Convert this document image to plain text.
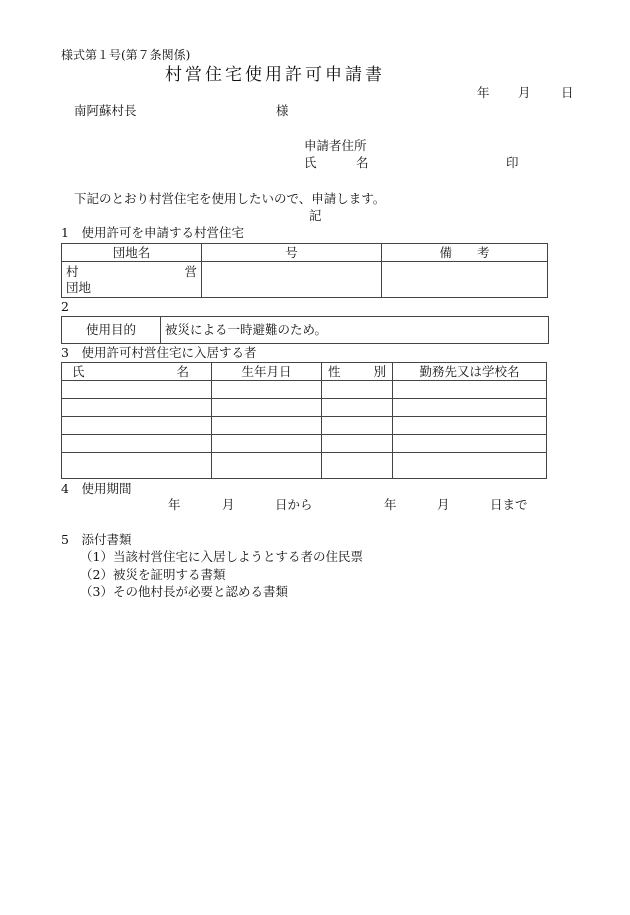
様式第１号(第７条関係)
村営住宅使用許可申請書
年 月 日
南阿蘇村長	様
申請者住所
氏	名	印
下記のとおり村営住宅を使用したいので、申請します。
記
1　使用許可を申請する村営住宅
団地名	号	備　　考

村 営
団地		

2
使用目的	被災による一時避難のため。
3　使用許可村営住宅に入居する者
氏 名	生年月日	性 別	勤務先又は学校名

4　使用期間
年	月	日から	年	月	日まで
5　添付書類
（1）当該村営住宅に入居しようとする者の住民票
（2）被災を証明する書類
（3）その他村長が必要と認める書類
